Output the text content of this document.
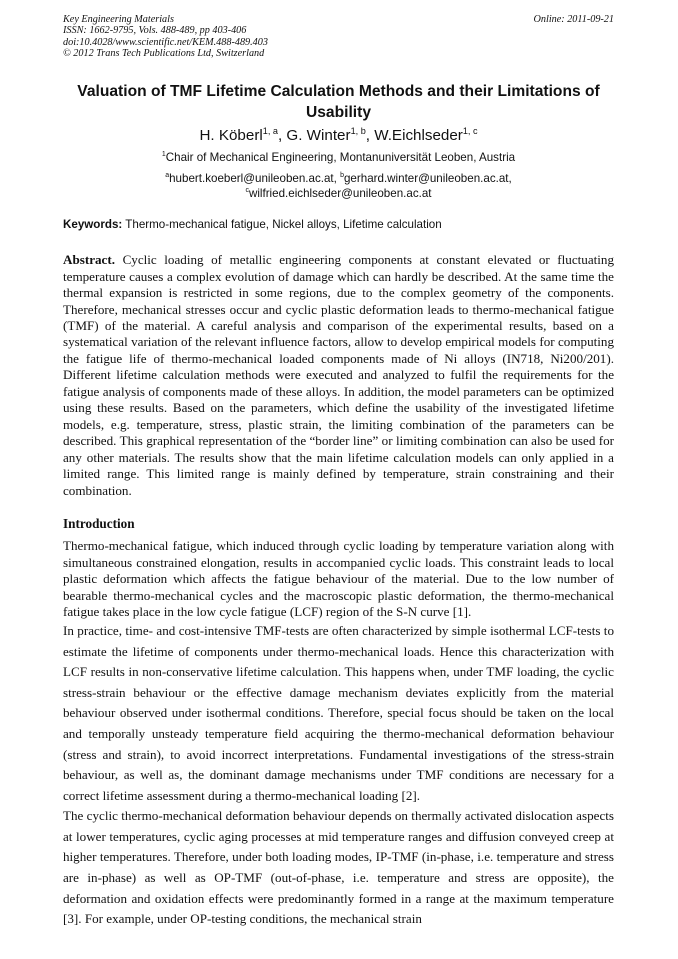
Key Engineering Materials
ISSN: 1662-9795, Vols. 488-489, pp 403-406
doi:10.4028/www.scientific.net/KEM.488-489.403
© 2012 Trans Tech Publications Ltd, Switzerland
Online: 2011-09-21
Valuation of TMF Lifetime Calculation Methods and their Limitations of Usability
H. Köberl$^{1, a}$, G. Winter$^{1, b}$, W.Eichlseder$^{1, c}$
$^1$Chair of Mechanical Engineering, Montanuniversität Leoben, Austria
$^a$hubert.koeberl@unileoben.ac.at, $^b$gerhard.winter@unileoben.ac.at,
$^c$wilfried.eichlseder@unileoben.ac.at
Keywords: Thermo-mechanical fatigue, Nickel alloys, Lifetime calculation
Abstract. Cyclic loading of metallic engineering components at constant elevated or fluctuating temperature causes a complex evolution of damage which can hardly be described. At the same time the thermal expansion is restricted in some regions, due to the complex geometry of the components. Therefore, mechanical stresses occur and cyclic plastic deformation leads to thermo-mechanical fatigue (TMF) of the material. A careful analysis and comparison of the experimental results, based on a systematical variation of the relevant influence factors, allow to develop empirical models for computing the fatigue life of thermo-mechanical loaded components made of Ni alloys (IN718, Ni200/201). Different lifetime calculation methods were executed and analyzed to fulfil the requirements for the fatigue analysis of components made of these alloys. In addition, the model parameters can be optimized using these results. Based on the parameters, which define the usability of the investigated lifetime models, e.g. temperature, stress, plastic strain, the limiting combination of the parameters can be described. This graphical representation of the “border line” or limiting combination can also be used for any other materials. The results show that the main lifetime calculation models can only applied in a limited range. This limited range is mainly defined by temperature, strain constraining and their combination.
Introduction
Thermo-mechanical fatigue, which induced through cyclic loading by temperature variation along with simultaneous constrained elongation, results in accompanied cyclic loads. This constraint leads to local plastic deformation which affects the fatigue behaviour of the material. Due to the low number of bearable thermo-mechanical cycles and the macroscopic plastic deformation, the thermo-mechanical fatigue takes place in the low cycle fatigue (LCF) region of the S-N curve [1].
In practice, time- and cost-intensive TMF-tests are often characterized by simple isothermal LCF-tests to estimate the lifetime of components under thermo-mechanical loads. Hence this characterization with LCF results in non-conservative lifetime calculation. This happens when, under TMF loading, the cyclic stress-strain behaviour or the effective damage mechanism deviates explicitly from the material behaviour observed under isothermal conditions. Therefore, special focus should be taken on the local and temporally unsteady temperature field acquiring the thermo-mechanical deformation behaviour (stress and strain), to avoid incorrect interpretations. Fundamental investigations of the stress-strain behaviour, as well as, the dominant damage mechanisms under TMF conditions are necessary for a correct lifetime assessment during a thermo-mechanical loading [2].
The cyclic thermo-mechanical deformation behaviour depends on thermally activated dislocation aspects at lower temperatures, cyclic aging processes at mid temperature ranges and diffusion conveyed creep at higher temperatures. Therefore, under both loading modes, IP-TMF (in-phase, i.e. temperature and stress are in-phase) as well as OP-TMF (out-of-phase, i.e. temperature and stress are opposite), the deformation and oxidation effects were predominantly formed in a range at the maximum temperature [3]. For example, under OP-testing conditions, the mechanical strain
